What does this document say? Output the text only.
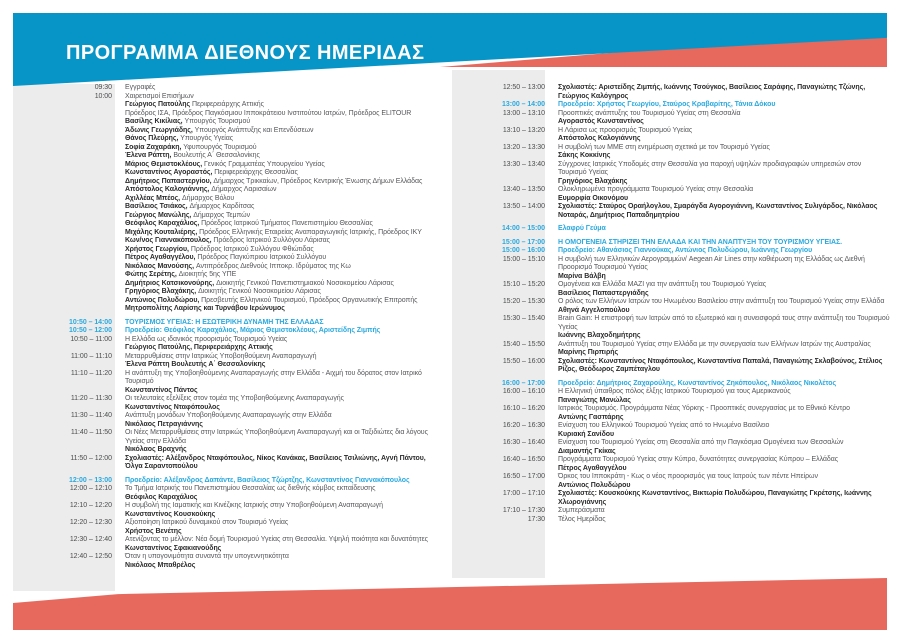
ΠΡΟΓΡΑΜΜΑ ΔΙΕΘΝΟΥΣ ΗΜΕΡΙΔΑΣ
09:30	Εγγραφές
10:00	Χαιρετισμοί Επισήμων
Γεώργιος Πατούλης Περιφερειάρχης Αττικής
Πρόεδρος ΙΣΑ, Πρόεδρος Παγκόσμιου Ιπποκράτειου Ινστιτούτου Ιατρών, Πρόεδρος ELITOUR
Βασίλης Κικίλιας, Υπουργός Τουρισμού
Άδωνις Γεωργιάδης, Υπουργός Ανάπτυξης και Επενδύσεων
Θάνος Πλεύρης, Υπουργός Υγείας
Σοφία Ζαχαράκη, Υφυπουργός Τουρισμού
Έλενα Ράπτη, Βουλευτής Α΄ Θεσσαλονίκης
Μάριος Θεμιστοκλέους, Γενικός Γραμματέας Υπουργείου Υγείας
Κωνσταντίνος Αγοραστός, Περιφερειάρχης Θεσσαλίας
Δημήτριος Παπαστεργίου, Δήμαρχος Τρικκαίων, Πρόεδρος Κεντρικής Ένωσης Δήμων Ελλάδας
Απόστολος Καλογιάννης, Δήμαρχος Λαρισαίων
Αχιλλέας Μπέος, Δήμαρχος Βόλου
Βασίλειος Τσιάκος, Δήμαρχος Καρδίτσας
Γεώργιος Μανώλης, Δήμαρχος Τεμπών
Θεόφιλος Καραχάλιος, Πρόεδρος Ιατρικού Τμήματος Πανεπιστημίου Θεσσαλίας
Μιχάλης Κουταλιέρης, Πρόεδρος Ελληνικής Εταιρείας Αναπαραγωγικής Ιατρικής, Πρόεδρος ΙΚΥ
Κων/νος Γιαννακόπουλος, Πρόεδρος Ιατρικού Συλλόγου Λάρισας
Χρήστος Γεωργίου, Πρόεδρος Ιατρικού Συλλόγου Φθιώτιδας
Πέτρος Αγαθαγγέλου, Πρόεδρος Παγκύπριου Ιατρικού Συλλόγου
Νικόλαος Μανούσης, Αντιπρόεδρος Διεθνούς Ιπποκρ. Ιδρύματος της Κω
Φώτης Σερέτης, Διοικητής 5ης ΥΠΕ
Δημήτριος Κατσικονούρης, Διοικητής Γενικού Πανεπιστημιακού Νοσοκομείου Λάρισας
Γρηγόριος Βλαχάκης, Διοικητής Γενικού Νοσοκομείου Λάρισας
Αντώνιος Πολυδώρου, Πρεσβευτής Ελληνικού Τουρισμού, Πρόεδρος Οργανωτικής Επιτροπής
Μητροπολίτης Λαρίσης και Τυρνάβου Ιερώνυμος
10:50 – 14:00	ΤΟΥΡΙΣΜΟΣ ΥΓΕΙΑΣ: Η ΕΣΩΤΕΡΙΚΗ ΔΥΝΑΜΗ ΤΗΣ ΕΛΛΑΔΑΣ
10:50 – 12:00	Προεδρείο: Θεόφιλος Καραχάλιος, Μάριος Θεμιστοκλέους, Αριστείδης Ζιμπής
10:50 – 11:00	Η Ελλάδα ως ιδανικός προορισμός Τουρισμού Υγείας
Γεώργιος Πατούλης, Περιφερειάρχης Αττικής
11:00 – 11:10	Μεταρρυθμίσεις στην Ιατρικώς Υποβοηθούμενη Αναπαραγωγή
Έλενα Ράπτη Βουλευτής Α΄ Θεσσαλονίκης
11:10 – 11:20	Η ανάπτυξη της Υποβοηθούμενης Αναπαραγωγής στην Ελλάδα - Αιχμή του δόρατος στον Ιατρικό Τουρισμό
Κωνσταντίνος Πάντος
11:20 – 11:30	Οι τελευταίες εξελίξεις στον τομέα της Υποβοηθούμενης Αναπαραγωγής
Κωνσταντίνος Νταφόπουλος
11:30 – 11:40	Ανάπτυξη μονάδων Υποβοηθούμενης Αναπαραγωγής στην Ελλάδα
Νικόλαος Πετραγιάννης
11:40 – 11:50	Οι Νέες Μεταρρυθμίσεις στην Ιατρικώς Υποβοηθούμενη Αναπαραγωγή και οι Ταξιδιώτες δια λόγους Υγείας στην Ελλάδα
Νικόλαος Βραχνής
11:50 – 12:00	Σχολιαστές: Αλέξανδρος Νταφόπουλος, Νίκος Κανάκας, Βασίλειος Τσιλιώνης, Αγνή Πάντου, Όλγα Σαραντοπούλου
12:00 – 13:00	Προεδρείο: Αλέξανδρος Δαπάντε, Βασίλειος Τζώρτζης, Κωνσταντίνος Γιαννακόπουλος
12:00 – 12:10	Το Τμήμα Ιατρικής του Πανεπιστημίου Θεσσαλίας ως διεθνής κόμβος εκπαίδευσης
Θεόφιλος Καραχάλιος
12:10 – 12:20	Η συμβολή της Ιαματικής και Κινέζικης Ιατρικής στην Υποβοηθούμενη Αναπαραγωγή
Κωνσταντίνος Κουσκούκης
12:20 – 12:30	Αξιοποίηση Ιατρικού δυναμικού στον Τουρισμό Υγείας
Χρήστος Βενέτης
12:30 – 12:40	Ατενίζοντας το μέλλον: Νέα δομή Τουρισμού Υγείας στη Θεσσαλία. Υψηλή ποιότητα και δυνατότητες
Κωνσταντίνος Σφακιανούδης
12:40 – 12:50	Όταν η υπογονιμότητα συναντά την υπογεννητικότητα
Νικόλαος Μπαθρέλος
12:50 – 13:00	Σχολιαστές: Αριστείδης Ζιμπής, Ιωάννης Τσούγκος, Βασίλειος Σαράφης, Παναγιώτης Τζώνης, Γεώργιος Καλόγηρος
13:00 – 14:00	Προεδρείο: Χρήστος Γεωργίου, Σταύρος Κραβαρίτης, Τάνια Δόκου
13:00 – 13:10	Προοπτικές ανάπτυξης του Τουρισμού Υγείας στη Θεσσαλία
Αγοραστός Κωνσταντίνος
13:10 – 13:20	Η Λάρισα ως προορισμός Τουρισμού Υγείας
Απόστολος Καλογιάννης
13:20 – 13:30	Η συμβολή των ΜΜΕ στη ενημέρωση σχετικά με τον Τουρισμό Υγείας
Σάκης Κοκκίνης
13:30 – 13:40	Σύγχρονες Ιατρικές Υποδομές στην Θεσσαλία για παροχή υψηλών προδιαγραφών υπηρεσιών στον Τουρισμό Υγείας
Γρηγόριος Βλαχάκης
13:40 – 13:50	Ολοκληρωμένα προγράμματα Τουρισμού Υγείας στην Θεσσαλία
Ευμορφία Οικονόμου
13:50 – 14:00	Σχολιαστές: Σταύρος Οραήλογλου, Σμαράγδα Αγορογιάννη, Κωνσταντίνος Συλιγάρδος, Νικόλαος Νοταράς, Δημήτριος Παπαδημητρίου
14:00 – 15:00	Ελαφρύ Γεύμα
15:00 – 17:00	Η ΟΜΟΓΕΝΕΙΑ ΣΤΗΡΙΖΕΙ ΤΗΝ ΕΛΛΑΔΑ ΚΑΙ ΤΗΝ ΑΝΑΠΤΥΞΗ ΤΟΥ ΤΟΥΡΙΣΜΟΥ ΥΓΕΙΑΣ.
15:00 – 16:00	Προεδρείο: Αθανάσιος Γιαννούκας, Αντώνιος Πολυδώρου, Ιωάννης Γεωργίου
15:00 – 15:10	Η συμβολή των Ελληνικών Αερογραμμών/ Aegean Air Lines στην καθιέρωση της Ελλάδας ως Διεθνή Προορισμό Τουρισμού Υγείας
Μαρίνα Βάλβη
15:10 – 15:20	Ομογένεια και Ελλάδα ΜΑΖΙ για την ανάπτυξη του Τουρισμού Υγείας
Βασίλειος Παπαστεργιάδης
15:20 – 15:30	Ο ρόλος των Ελλήνων Ιατρών του Ηνωμένου Βασιλείου στην ανάπτυξη του Τουρισμού Υγείας στην Ελλάδα
Αθηνά Αγγελοπούλου
15:30 – 15:40	Brain Gain: Η επιστροφή των Ιατρών από το εξωτερικό και η συνεισφορά τους στην ανάπτυξη του Τουρισμού Υγείας
Ιωάννης Βλαχοδημήτρης
15:40 – 15:50	Ανάπτυξη του Τουρισμού Υγείας στην Ελλάδα με την συνεργασία των Ελλήνων Ιατρών της Αυστραλίας
Μαρίνης Πιρπιρής
15:50 – 16:00	Σχολιαστές: Κωνσταντίνος Νταφόπουλος, Κωνσταντίνα Παπαλά, Παναγιώτης Σκλαβούνος, Στέλιος Ρίζος, Θεόδωρος Ζαμπέταγλου
16:00 – 17:00	Προεδρείο: Δημήτριος Ζαχαρούλης, Κωνσταντίνος Ζηκόπουλος, Νικόλαος Νικολέτος
16:00 – 16:10	Η Ελληνική ύπαιθρος πόλος έλξης Ιατρικού Τουρισμού για τους Αμερικανούς
Παναγιώτης Μανώλας
16:10 – 16:20	Ιατρικός Τουρισμός. Προγράμματα Νέας Υόρκης - Προοπτικές συνεργασίας με το Εθνικό Κέντρο
Αντώνης Γασπάρης
16:20 – 16:30	Ενίσχυση του Ελληνικού Τουρισμού Υγείας από το Ηνωμένο Βασίλειο
Κυριακή Σανίδου
16:30 – 16:40	Ενίσχυση του Τουρισμού Υγείας στη Θεσσαλία από την Παγκόσμια Ομογένεια των Θεσσαλών
Διαμαντής Γκίκας
16:40 – 16:50	Προγράμματα Τουρισμού Υγείας στην Κύπρο, δυνατότητες συνεργασίας Κύπρου – Ελλάδας
Πέτρος Αγαθαγγέλου
16:50 – 17:00	Όρκος του Ιπποκράτη - Κως ο νέος προορισμός για τους Ιατρούς των πέντε Ηπείρων
Αντώνιος Πολυδώρου
17:00 – 17:10	Σχολιαστές: Κουσκούκης Κωνσταντίνος, Βικτωρία Πολυδώρου, Παναγιώτης Γκρέτσης, Ιωάννης Χλωρογιάννης
17:10 – 17:30	Συμπεράσματα
17:30	Τέλος Ημερίδας
